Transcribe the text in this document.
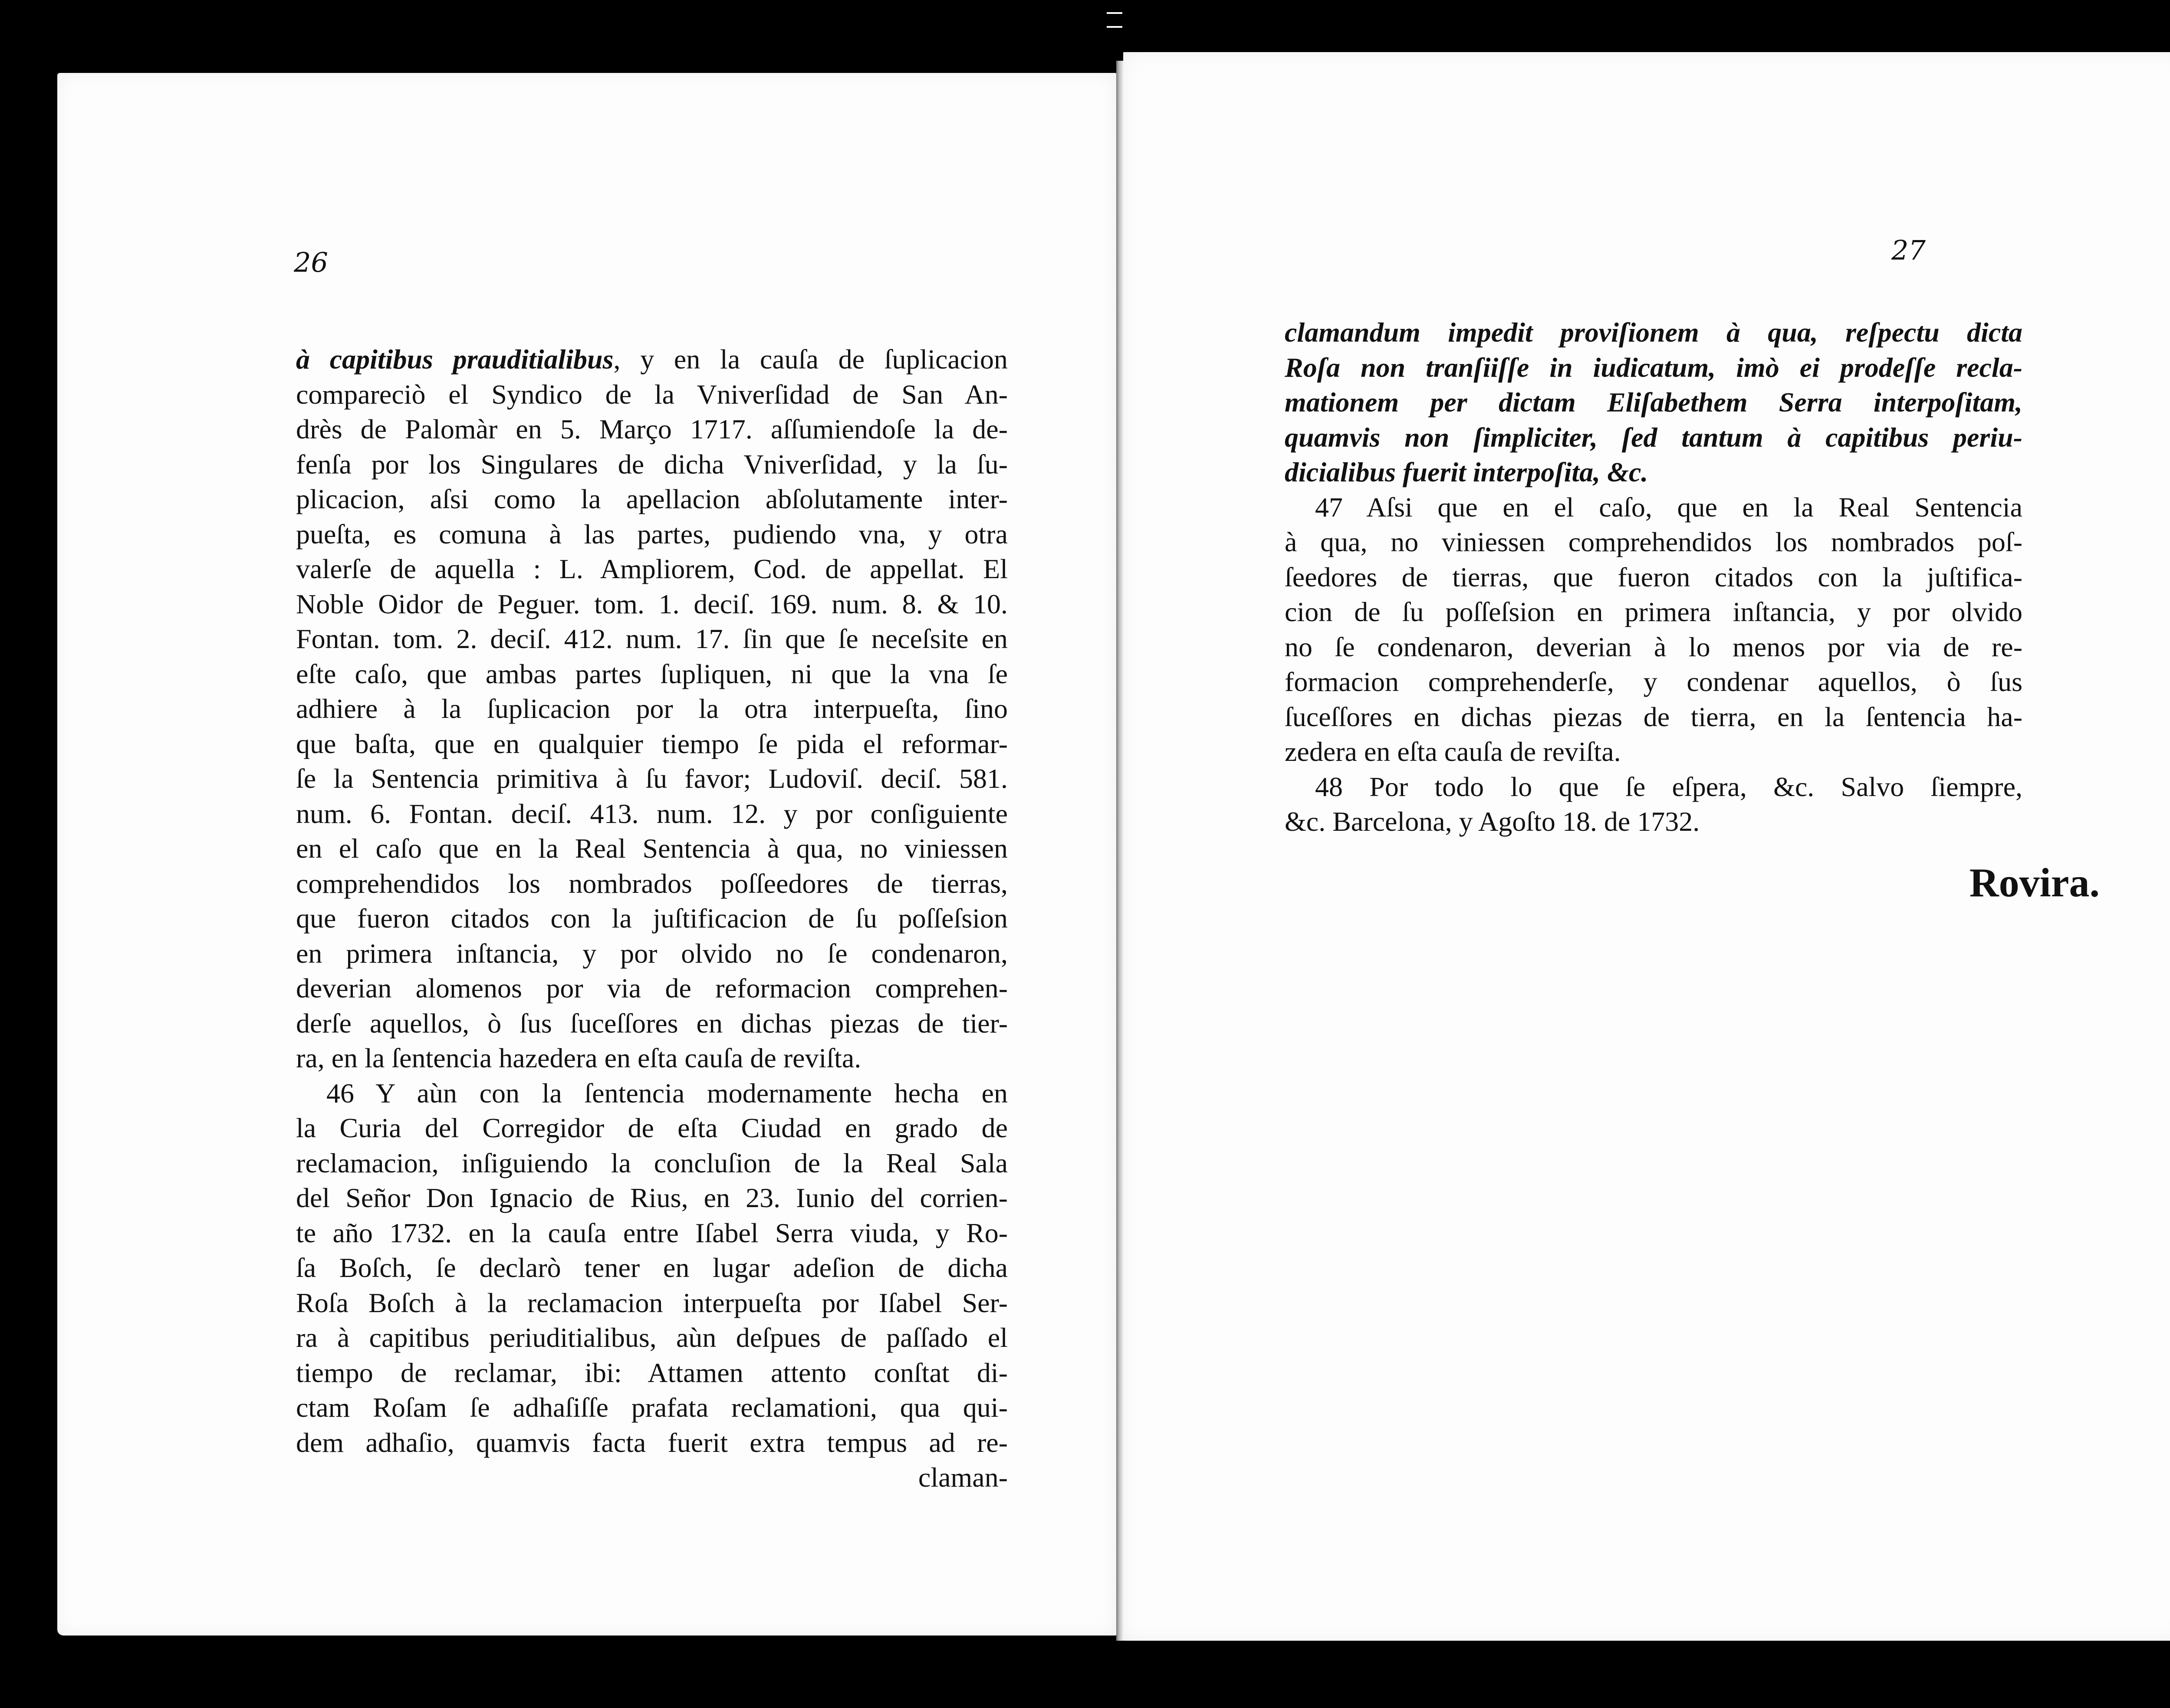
26
à capitibus prauditialibus, y en la cauſa de ſuplicacion
compareciò el Syndico de la Vniverſidad de San An-
drès de Palomàr en 5. Março 1717. aſſumiendoſe la de-
fenſa por los Singulares de dicha Vniverſidad, y la ſu-
plicacion, aſsi como la apellacion abſolutamente inter-
pueſta, es comuna à las partes, pudiendo vna, y otra
valerſe de aquella : L. Ampliorem, Cod. de appellat. El
Noble Oidor de Peguer. tom. 1. deciſ. 169. num. 8. & 10.
Fontan. tom. 2. deciſ. 412. num. 17. ſin que ſe neceſsite en
eſte caſo, que ambas partes ſupliquen, ni que la vna ſe
adhiere à la ſuplicacion por la otra interpueſta, ſino
que baſta, que en qualquier tiempo ſe pida el reformar-
ſe la Sentencia primitiva à ſu favor; Ludoviſ. deciſ. 581.
num. 6. Fontan. deciſ. 413. num. 12. y por conſiguiente
en el caſo que en la Real Sentencia à qua, no viniessen
comprehendidos los nombrados poſſeedores de tierras,
que fueron citados con la juſtificacion de ſu poſſeſsion
en primera inſtancia, y por olvido no ſe condenaron,
deverian alomenos por via de reformacion comprehen-
derſe aquellos, ò ſus ſuceſſores en dichas piezas de tier-
ra, en la ſentencia hazedera en eſta cauſa de reviſta.
46 Y aùn con la ſentencia modernamente hecha en
la Curia del Corregidor de eſta Ciudad en grado de
reclamacion, inſiguiendo la concluſion de la Real Sala
del Señor Don Ignacio de Rius, en 23. Iunio del corrien-
te año 1732. en la cauſa entre Iſabel Serra viuda, y Ro-
ſa Boſch, ſe declarò tener en lugar adeſion de dicha
Roſa Boſch à la reclamacion interpueſta por Iſabel Ser-
ra à capitibus periuditialibus, aùn deſpues de paſſado el
tiempo de reclamar, ibi: Attamen attento conſtat di-
ctam Roſam ſe adhaſiſſe prafata reclamationi, qua qui-
dem adhaſio, quamvis facta fuerit extra tempus ad re-
claman-
27
clamandum impedit proviſionem à qua, reſpectu dicta
Roſa non tranſiiſſe in iudicatum, imò ei prodeſſe recla-
mationem per dictam Eliſabethem Serra interpoſitam,
quamvis non ſimpliciter, ſed tantum à capitibus periu-
dicialibus fuerit interpoſita, &c.
47 Aſsi que en el caſo, que en la Real Sentencia
à qua, no viniessen comprehendidos los nombrados poſ-
ſeedores de tierras, que fueron citados con la juſtifica-
cion de ſu poſſeſsion en primera inſtancia, y por olvido
no ſe condenaron, deverian à lo menos por via de re-
formacion comprehenderſe, y condenar aquellos, ò ſus
ſuceſſores en dichas piezas de tierra, en la ſentencia ha-
zedera en eſta cauſa de reviſta.
48 Por todo lo que ſe eſpera, &c. Salvo ſiempre,
&c. Barcelona, y Agoſto 18. de 1732.
Rovira.
